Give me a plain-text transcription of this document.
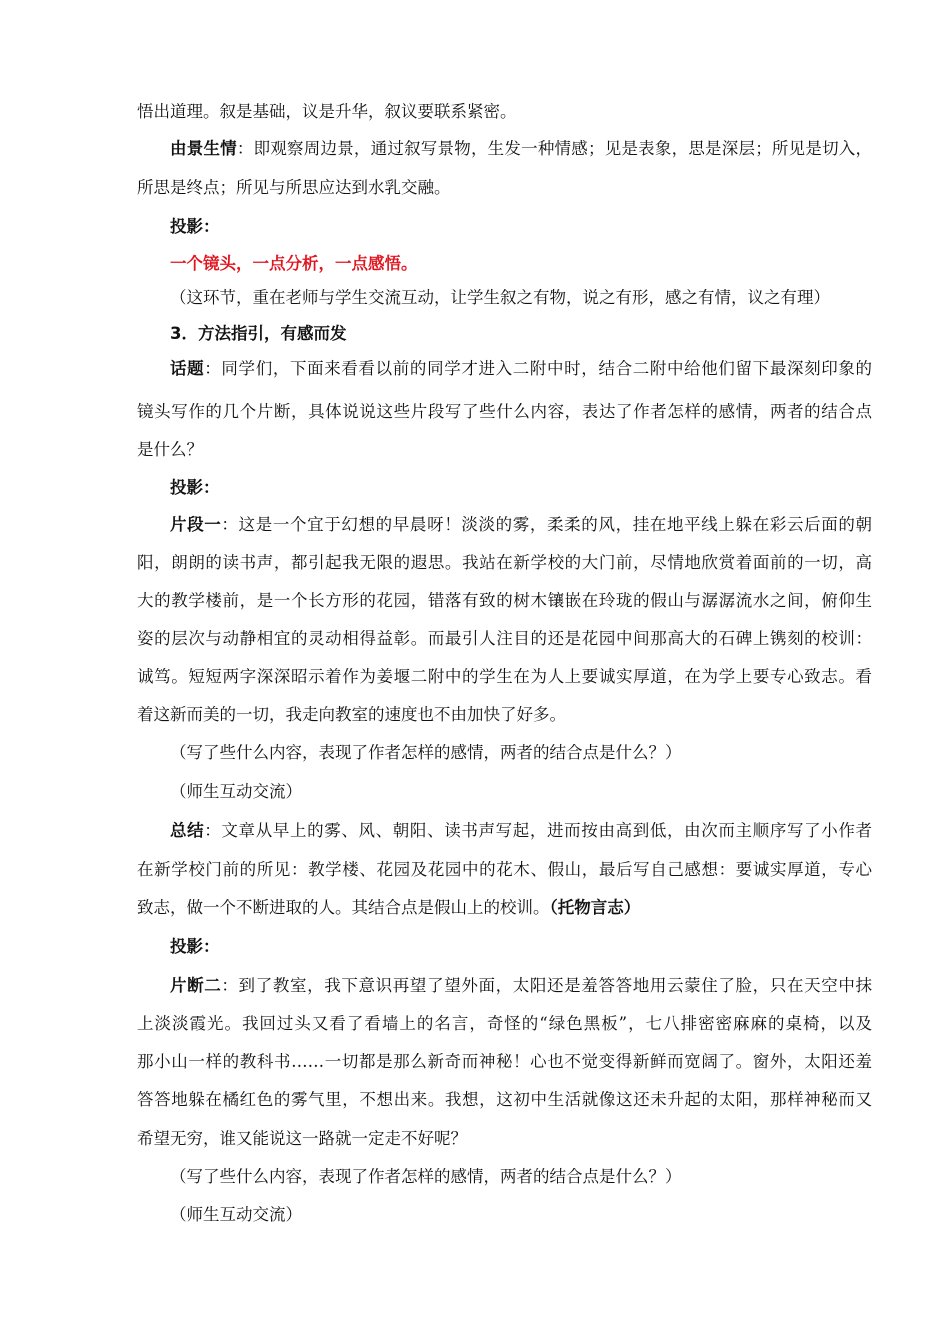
悟出道理。叙是基础，议是升华，叙议要联系紧密。
由景生情：即观察周边景，通过叙写景物，生发一种情感；见是表象，思是深层；所见是切入，
所思是终点；所见与所思应达到水乳交融。
投影：
一个镜头，一点分析，一点感悟。
（这环节，重在老师与学生交流互动，让学生叙之有物，说之有形，感之有情，议之有理）
3．方法指引，有感而发
话题：同学们，下面来看看以前的同学才进入二附中时，结合二附中给他们留下最深刻印象的
镜头写作的几个片断，具体说说这些片段写了些什么内容，表达了作者怎样的感情，两者的结合点
是什么？
投影：
片段一：这是一个宜于幻想的早晨呀！淡淡的雾，柔柔的风，挂在地平线上躲在彩云后面的朝
阳，朗朗的读书声，都引起我无限的遐思。我站在新学校的大门前，尽情地欣赏着面前的一切，高
大的教学楼前，是一个长方形的花园，错落有致的树木镶嵌在玲珑的假山与潺潺流水之间，俯仰生
姿的层次与动静相宜的灵动相得益彰。而最引人注目的还是花园中间那高大的石碑上镌刻的校训：
诚笃。短短两字深深昭示着作为姜堰二附中的学生在为人上要诚实厚道，在为学上要专心致志。看
着这新而美的一切，我走向教室的速度也不由加快了好多。
（写了些什么内容，表现了作者怎样的感情，两者的结合点是什么？）
（师生互动交流）
总结：文章从早上的雾、风、朝阳、读书声写起，进而按由高到低，由次而主顺序写了小作者
在新学校门前的所见：教学楼、花园及花园中的花木、假山，最后写自己感想：要诚实厚道，专心
致志，做一个不断进取的人。其结合点是假山上的校训。（托物言志）
投影：
片断二：到了教室，我下意识再望了望外面，太阳还是羞答答地用云蒙住了脸，只在天空中抹
上淡淡霞光。我回过头又看了看墙上的名言，奇怪的“绿色黑板”，七八排密密麻麻的桌椅，以及
那小山一样的教科书……一切都是那么新奇而神秘！心也不觉变得新鲜而宽阔了。窗外，太阳还羞
答答地躲在橘红色的雾气里，不想出来。我想，这初中生活就像这还未升起的太阳，那样神秘而又
希望无穷，谁又能说这一路就一定走不好呢？
（写了些什么内容，表现了作者怎样的感情，两者的结合点是什么？）
（师生互动交流）
